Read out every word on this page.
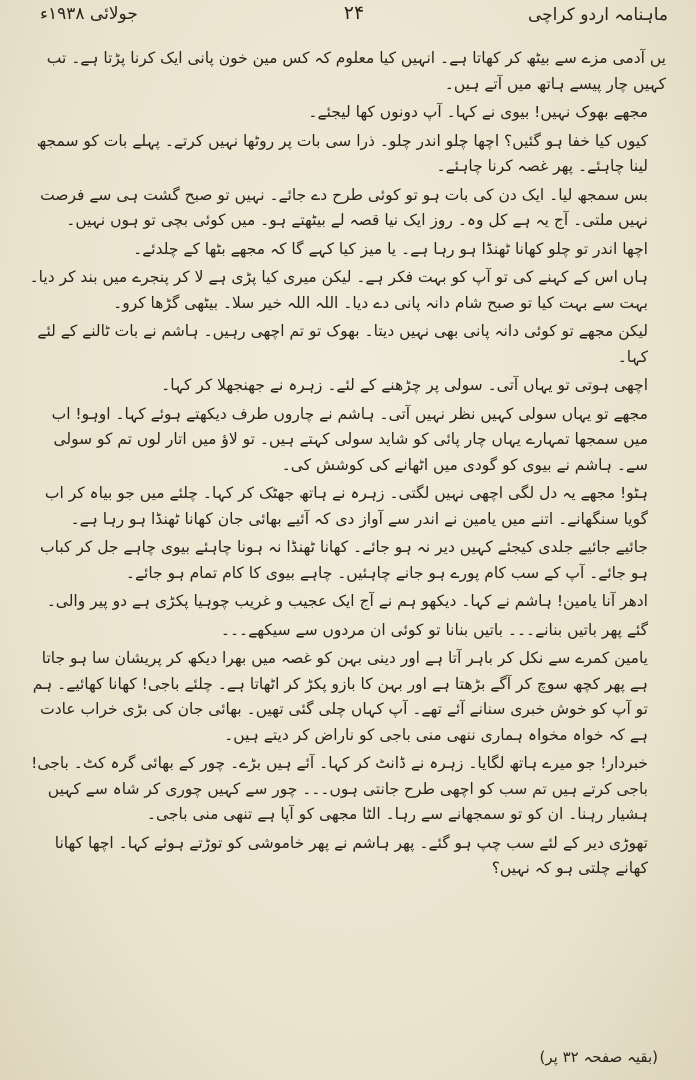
ماہنامہ اردو کراچی
۲۴
جولائی ۱۹۳۸ء

یں آدمی مزے سے بیٹھ کر کھاتا ہے۔ انہیں کیا معلوم کہ کس مین خون پانی ایک کرنا پڑتا ہے۔ تب کہیں چار پیسے ہاتھ میں آتے ہیں۔

مجھے بھوک نہیں! بیوی نے کہا۔ آپ دونوں کھا لیجئے۔

کیوں کیا خفا ہو گئیں؟ اچھا چلو اندر چلو۔ ذرا سی بات پر روٹھا نہیں کرتے۔ پہلے بات کو سمجھ لینا چاہئے۔ پھر غصہ کرنا چاہئے۔

بس سمجھ لیا۔ ایک دن کی بات ہو تو کوئی طرح دے جائے۔ نہیں تو صبح گشت ہی سے فرصت نہیں ملتی۔ آج یہ ہے کل وہ۔ روز ایک نیا قصہ لے بیٹھتے ہو۔ میں کوئی بچی تو ہوں نہیں۔

اچھا اندر تو چلو کھانا ٹھنڈا ہو رہا ہے۔ یا میز کیا کہے گا کہ مجھے بٹھا کے چلدئے۔

ہاں اس کے کہنے کی تو آپ کو بہت فکر ہے۔ لیکن میری کیا پڑی ہے لا کر پنجرے میں بند کر دیا۔ بہت سے بہت کیا تو صبح شام دانہ پانی دے دیا۔ اللہ اللہ خیر سلا۔ بیٹھی گڑھا کرو۔

لیکن مجھے تو کوئی دانہ پانی بھی نہیں دیتا۔ بھوک تو تم اچھی رہیں۔ ہاشم نے بات ٹالنے کے لئے کہا۔

اچھی ہوتی تو یہاں آتی۔ سولی پر چڑھنے کے لئے۔ زہرہ نے جھنجھلا کر کہا۔

مجھے تو یہاں سولی کہیں نظر نہیں آتی۔ ہاشم نے چاروں طرف دیکھتے ہوئے کہا۔ اوہو! اب میں سمجھا تمہارے یہاں چار پائی کو شاید سولی کہتے ہیں۔ تو لاؤ میں اتار لوں تم کو سولی سے۔ ہاشم نے بیوی کو گودی میں اٹھانے کی کوشش کی۔

ہٹو! مجھے یہ دل لگی اچھی نہیں لگتی۔ زہرہ نے ہاتھ جھٹک کر کہا۔ چلئے میں جو بیاہ کر اب گویا سنگھانے۔ اتنے میں یامین نے اندر سے آواز دی کہ آئیے بھائی جان کھانا ٹھنڈا ہو رہا ہے۔

جائیے جائیے جلدی کیجئے کہیں دیر نہ ہو جائے۔ کھانا ٹھنڈا نہ ہونا چاہئے بیوی چاہے جل کر کباب ہو جائے۔ آپ کے سب کام پورے ہو جانے چاہئیں۔ چاہے بیوی کا کام تمام ہو جائے۔

ادھر آنا یامین! ہاشم نے کہا۔ دیکھو ہم نے آج ایک عجیب و غریب چوہیا پکڑی ہے دو پیر والی۔

گئے پھر باتیں بنانے۔۔۔ باتیں بنانا تو کوئی ان مردوں سے سیکھے۔۔۔

یامین کمرے سے نکل کر باہر آتا ہے اور دینی بہن کو غصہ میں بھرا دیکھ کر پریشان سا ہو جاتا ہے پھر کچھ سوچ کر آگے بڑھتا ہے اور بہن کا بازو پکڑ کر اٹھاتا ہے۔ چلئے باجی! کھانا کھائیے۔ ہم تو آپ کو خوش خبری سنانے آئے تھے۔ آپ کہاں چلی گئی تھیں۔ بھائی جان کی بڑی خراب عادت ہے کہ خواہ مخواہ ہماری ننھی منی باجی کو ناراض کر دیتے ہیں۔

خبردار! جو میرے ہاتھ لگایا۔ زہرہ نے ڈانٹ کر کہا۔ آئے ہیں بڑے۔ چور کے بھائی گرہ کٹ۔ باجی! باجی کرتے ہیں تم سب کو اچھی طرح جانتی ہوں۔۔۔ چور سے کہیں چوری کر شاہ سے کہیں ہشیار رہنا۔ ان کو تو سمجھانے سے رہا۔ الٹا مجھی کو آپا ہے تنھی منی باجی۔

تھوڑی دیر کے لئے سب چپ ہو گئے۔ پھر ہاشم نے پھر خاموشی کو توڑتے ہوئے کہا۔ اچھا کھانا کھانے چلتی ہو کہ نہیں؟

(بقیہ صفحہ ۳۲ پر)
